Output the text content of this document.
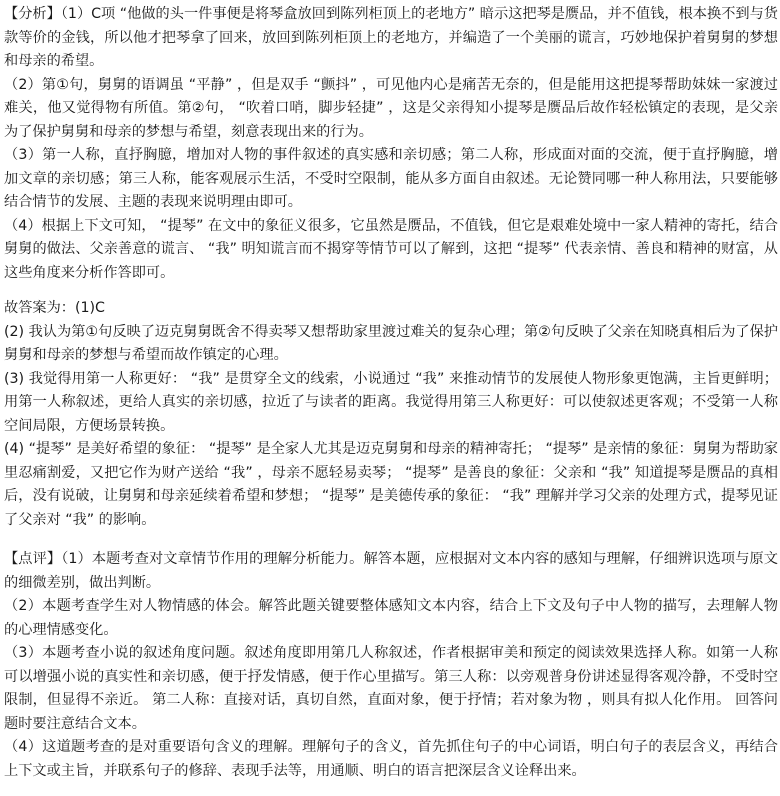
【分析】（1）C项 “他做的头一件事便是将琴盒放回到陈列柜顶上的老地方” 暗示这把琴是赝品，并不值钱，根本换不到与货款等价的金钱，所以他才把琴拿了回来，放回到陈列柜顶上的老地方，并编造了一个美丽的谎言，巧妙地保护着舅舅的梦想和母亲的希望。

（2）第①句，舅舅的语调虽 “平静” ，但是双手 “颤抖” ，可见他内心是痛苦无奈的，但是能用这把提琴帮助妹妹一家渡过难关，他又觉得物有所值。第②句， “吹着口哨，脚步轻捷” ，这是父亲得知小提琴是赝品后故作轻松镇定的表现，是父亲为了保护舅舅和母亲的梦想与希望，刻意表现出来的行为。

（3）第一人称，直抒胸臆，增加对人物的事件叙述的真实感和亲切感；第二人称，形成面对面的交流，便于直抒胸臆，增加文章的亲切感；第三人称，能客观展示生活，不受时空限制，能从多方面自由叙述。无论赞同哪一种人称用法，只要能够结合情节的发展、主题的表现来说明理由即可。

（4）根据上下文可知， “提琴” 在文中的象征义很多，它虽然是赝品，不值钱，但它是艰难处境中一家人精神的寄托，结合舅舅的做法、父亲善意的谎言、 “我” 明知谎言而不揭穿等情节可以了解到，这把 “提琴” 代表亲情、善良和精神的财富，从这些角度来分析作答即可。

故答案为：(1)C

(2) 我认为第①句反映了迈克舅舅既舍不得卖琴又想帮助家里渡过难关的复杂心理；第②句反映了父亲在知晓真相后为了保护舅舅和母亲的梦想与希望而故作镇定的心理。

(3) 我觉得用第一人称更好： “我” 是贯穿全文的线索，小说通过 “我” 来推动情节的发展使人物形象更饱满，主旨更鲜明；用第一人称叙述，更给人真实的亲切感，拉近了与读者的距离。我觉得用第三人称更好：可以使叙述更客观；不受第一人称空间局限，方便场景转换。

(4) “提琴” 是美好希望的象征： “提琴” 是全家人尤其是迈克舅舅和母亲的精神寄托； “提琴” 是亲情的象征：舅舅为帮助家里忍痛割爱，又把它作为财产送给 “我” ，母亲不愿轻易卖琴； “提琴” 是善良的象征：父亲和 “我” 知道提琴是赝品的真相后，没有说破，让舅舅和母亲延续着希望和梦想； “提琴” 是美德传承的象征： “我” 理解并学习父亲的处理方式，提琴见证了父亲对 “我” 的影响。

【点评】（1）本题考查对文章情节作用的理解分析能力。解答本题，应根据对文本内容的感知与理解，仔细辨识选项与原文的细微差别，做出判断。

（2）本题考查学生对人物情感的体会。解答此题关键要整体感知文本内容，结合上下文及句子中人物的描写，去理解人物的心理情感变化。

（3）本题考查小说的叙述角度问题。叙述角度即用第几人称叙述，作者根据审美和预定的阅读效果选择人称。如第一人称可以增强小说的真实性和亲切感，便于抒发情感，便于作心里描写。第三人称：以旁观普身份讲述显得客观冷静，不受时空限制，但显得不亲近。 第二人称：直接对话，真切自然，直面对象，便于抒情；若对象为物 ，则具有拟人化作用。 回答问题时要注意结合文本。

（4）这道题考查的是对重要语句含义的理解。理解句子的含义，首先抓住句子的中心词语，明白句子的表层含义，再结合上下文或主旨，并联系句子的修辞、表现手法等，用通顺、明白的语言把深层含义诠释出来。
